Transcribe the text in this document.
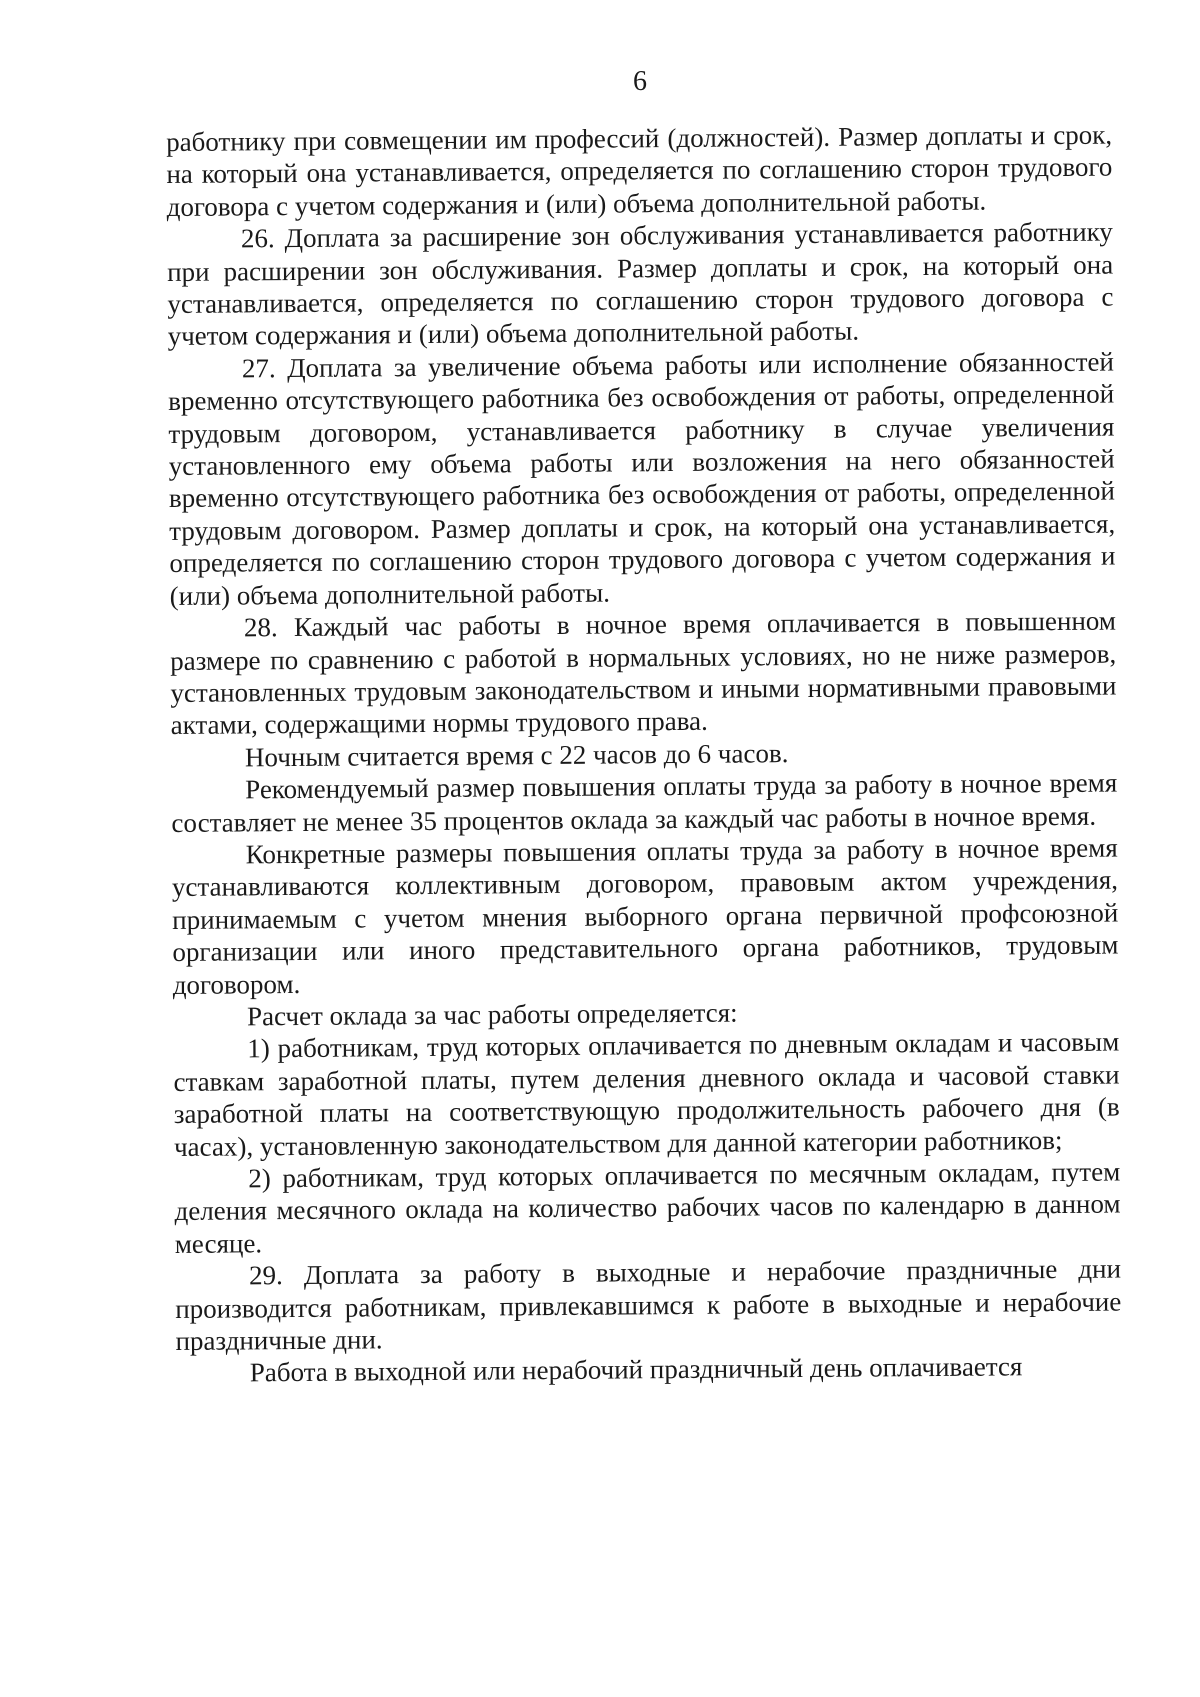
6

работнику при совмещении им профессий (должностей). Размер доплаты и срок, на который она устанавливается, определяется по соглашению сторон трудового договора с учетом содержания и (или) объема дополнительной работы.

26. Доплата за расширение зон обслуживания устанавливается работнику при расширении зон обслуживания. Размер доплаты и срок, на который она устанавливается, определяется по соглашению сторон трудового договора с учетом содержания и (или) объема дополнительной работы.

27. Доплата за увеличение объема работы или исполнение обязанностей временно отсутствующего работника без освобождения от работы, определенной трудовым договором, устанавливается работнику в случае увеличения установленного ему объема работы или возложения на него обязанностей временно отсутствующего работника без освобождения от работы, определенной трудовым договором. Размер доплаты и срок, на который она устанавливается, определяется по соглашению сторон трудового договора с учетом содержания и (или) объема дополнительной работы.

28. Каждый час работы в ночное время оплачивается в повышенном размере по сравнению с работой в нормальных условиях, но не ниже размеров, установленных трудовым законодательством и иными нормативными правовыми актами, содержащими нормы трудового права.

Ночным считается время с 22 часов до 6 часов.

Рекомендуемый размер повышения оплаты труда за работу в ночное время составляет не менее 35 процентов оклада за каждый час работы в ночное время.

Конкретные размеры повышения оплаты труда за работу в ночное время устанавливаются коллективным договором, правовым актом учреждения, принимаемым с учетом мнения выборного органа первичной профсоюзной организации или иного представительного органа работников, трудовым договором.

Расчет оклада за час работы определяется:

1) работникам, труд которых оплачивается по дневным окладам и часовым ставкам заработной платы, путем деления дневного оклада и часовой ставки заработной платы на соответствующую продолжительность рабочего дня (в часах), установленную законодательством для данной категории работников;

2) работникам, труд которых оплачивается по месячным окладам, путем деления месячного оклада на количество рабочих часов по календарю в данном месяце.

29. Доплата за работу в выходные и нерабочие праздничные дни производится работникам, привлекавшимся к работе в выходные и нерабочие праздничные дни.

Работа в выходной или нерабочий праздничный день оплачивается
